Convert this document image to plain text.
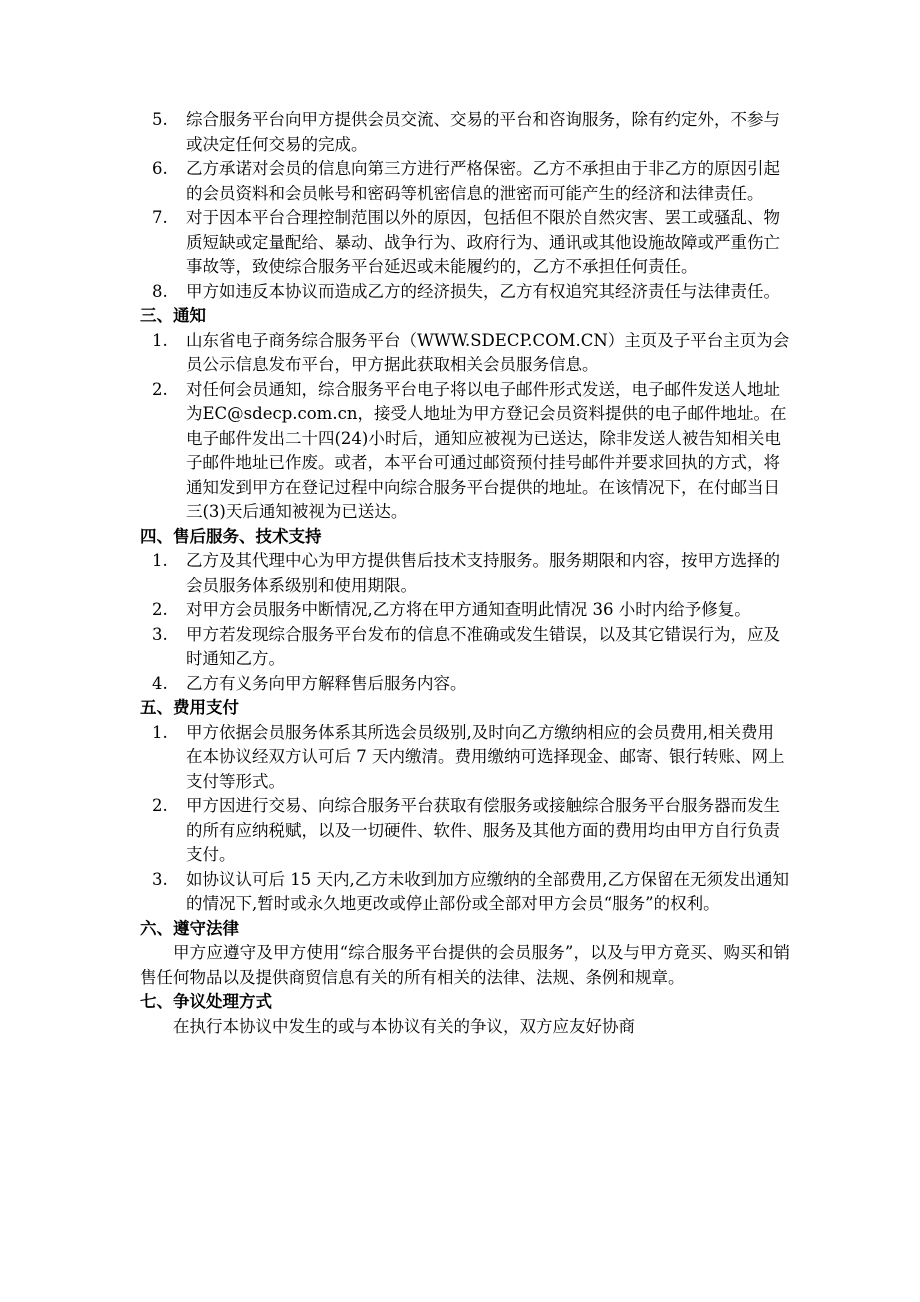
5. 综合服务平台向甲方提供会员交流、交易的平台和咨询服务，除有约定外，不参与或决定任何交易的完成。
6. 乙方承诺对会员的信息向第三方进行严格保密。乙方不承担由于非乙方的原因引起的会员资料和会员帐号和密码等机密信息的泄密而可能产生的经济和法律责任。
7. 对于因本平台合理控制范围以外的原因，包括但不限於自然灾害、罢工或骚乱、物质短缺或定量配给、暴动、战争行为、政府行为、通讯或其他设施故障或严重伤亡事故等，致使综合服务平台延迟或未能履约的，乙方不承担任何责任。
8. 甲方如违反本协议而造成乙方的经济损失，乙方有权追究其经济责任与法律责任。
三、通知
1. 山东省电子商务综合服务平台（WWW.SDECP.COM.CN）主页及子平台主页为会员公示信息发布平台，甲方据此获取相关会员服务信息。
2. 对任何会员通知，综合服务平台电子将以电子邮件形式发送，电子邮件发送人地址为EC@sdecp.com.cn，接受人地址为甲方登记会员资料提供的电子邮件地址。在电子邮件发出二十四(24)小时后，通知应被视为已送达，除非发送人被告知相关电子邮件地址已作废。或者，本平台可通过邮资预付挂号邮件并要求回执的方式，将通知发到甲方在登记过程中向综合服务平台提供的地址。在该情况下，在付邮当日三(3)天后通知被视为已送达。
四、售后服务、技术支持
1. 乙方及其代理中心为甲方提供售后技术支持服务。服务期限和内容，按甲方选择的会员服务体系级别和使用期限。
2. 对甲方会员服务中断情况,乙方将在甲方通知查明此情况 36 小时内给予修复。
3. 甲方若发现综合服务平台发布的信息不准确或发生错误，以及其它错误行为，应及时通知乙方。
4. 乙方有义务向甲方解释售后服务内容。
五、费用支付
1. 甲方依据会员服务体系其所选会员级别,及时向乙方缴纳相应的会员费用,相关费用在本协议经双方认可后 7 天内缴清。费用缴纳可选择现金、邮寄、银行转账、网上支付等形式。
2. 甲方因进行交易、向综合服务平台获取有偿服务或接触综合服务平台服务器而发生的所有应纳税赋，以及一切硬件、软件、服务及其他方面的费用均由甲方自行负责支付。
3. 如协议认可后 15 天内,乙方未收到加方应缴纳的全部费用,乙方保留在无须发出通知的情况下,暂时或永久地更改或停止部份或全部对甲方会员“服务”的权利。
六、遵守法律

甲方应遵守及甲方使用“综合服务平台提供的会员服务”，以及与甲方竟买、购买和销售任何物品以及提供商贸信息有关的所有相关的法律、法规、条例和规章。

七、争议处理方式

在执行本协议中发生的或与本协议有关的争议，双方应友好协商
